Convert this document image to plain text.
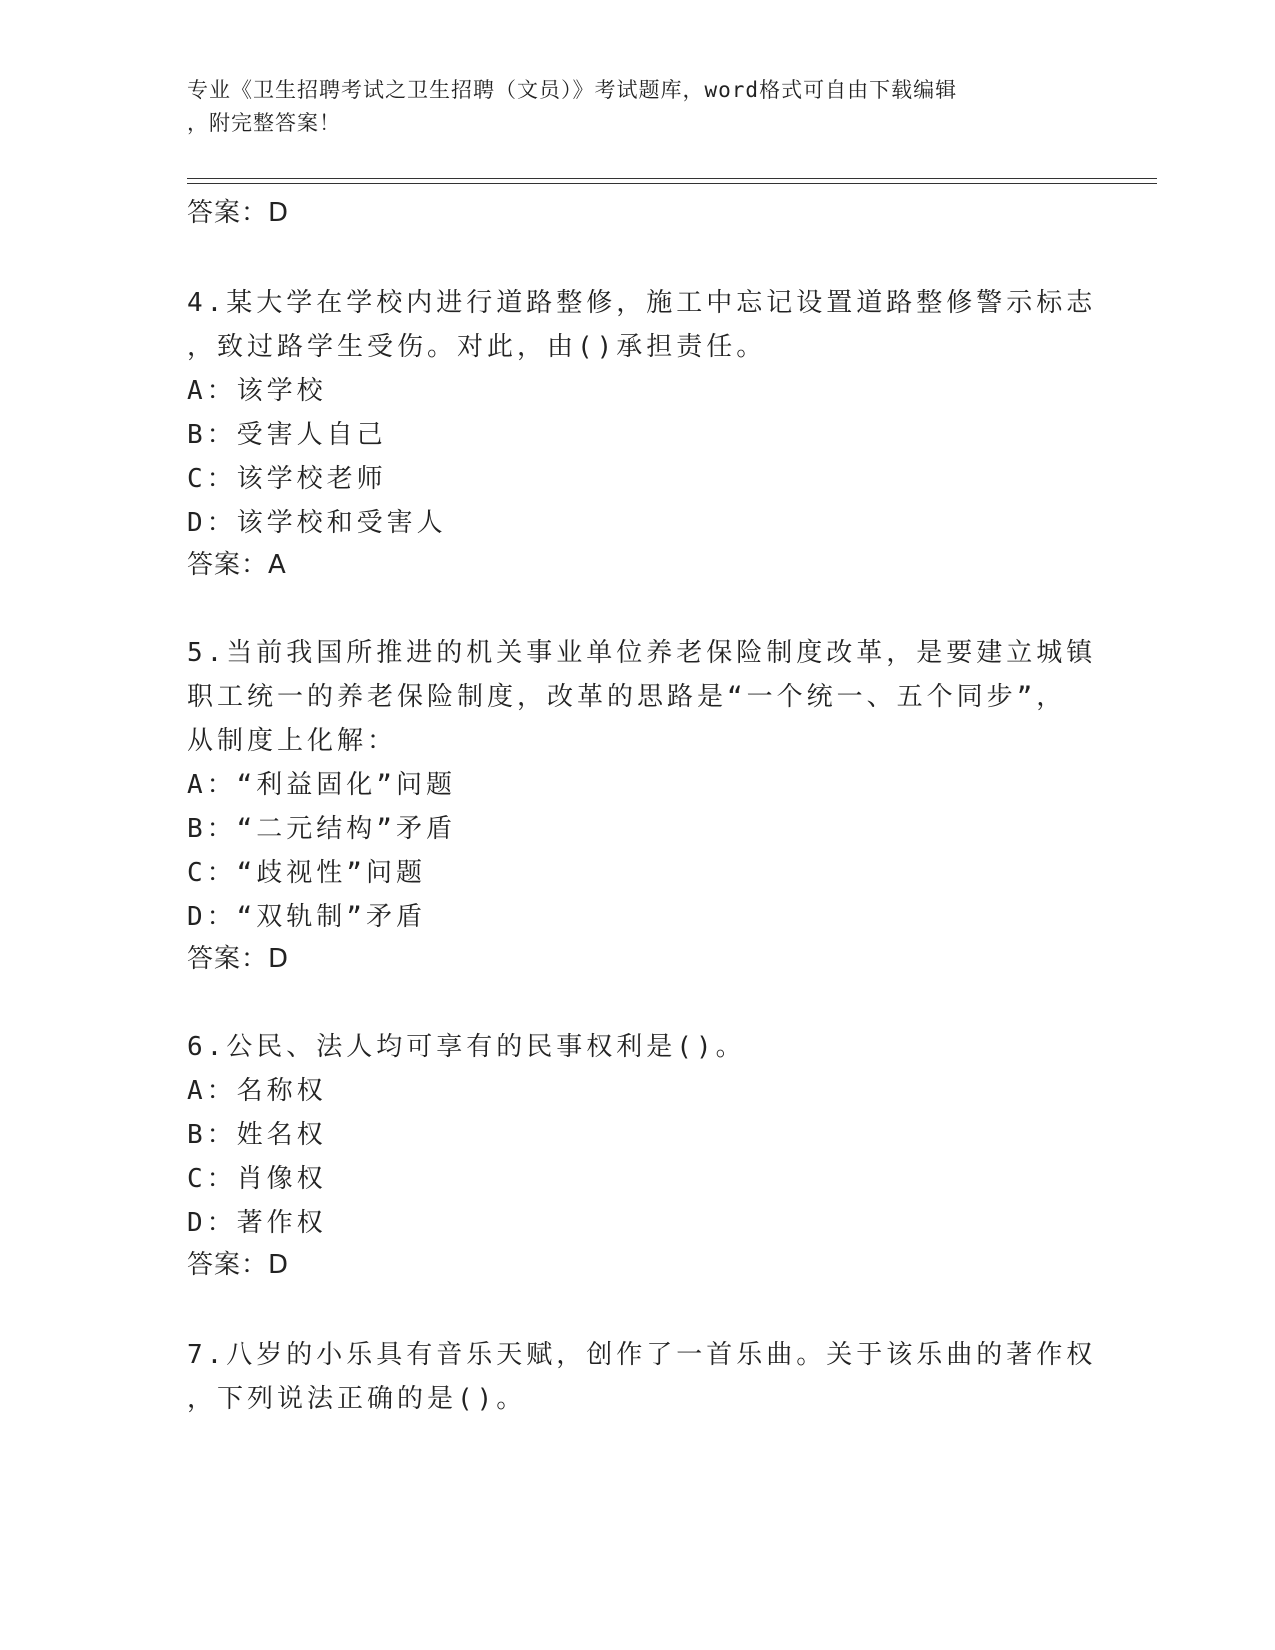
专业《卫生招聘考试之卫生招聘（文员）》考试题库，word格式可自由下载编辑
，附完整答案！
答案：D
4.某大学在学校内进行道路整修，施工中忘记设置道路整修警示标志
，致过路学生受伤。对此，由()承担责任。
A：该学校
B：受害人自己
C：该学校老师
D：该学校和受害人
答案：A
5.当前我国所推进的机关事业单位养老保险制度改革，是要建立城镇
职工统一的养老保险制度，改革的思路是“一个统一、五个同步”，
从制度上化解：
A：“利益固化”问题
B：“二元结构”矛盾
C：“歧视性”问题
D：“双轨制”矛盾
答案：D
6.公民、法人均可享有的民事权利是()。
A：名称权
B：姓名权
C：肖像权
D：著作权
答案：D
7.八岁的小乐具有音乐天赋，创作了一首乐曲。关于该乐曲的著作权
，下列说法正确的是()。
